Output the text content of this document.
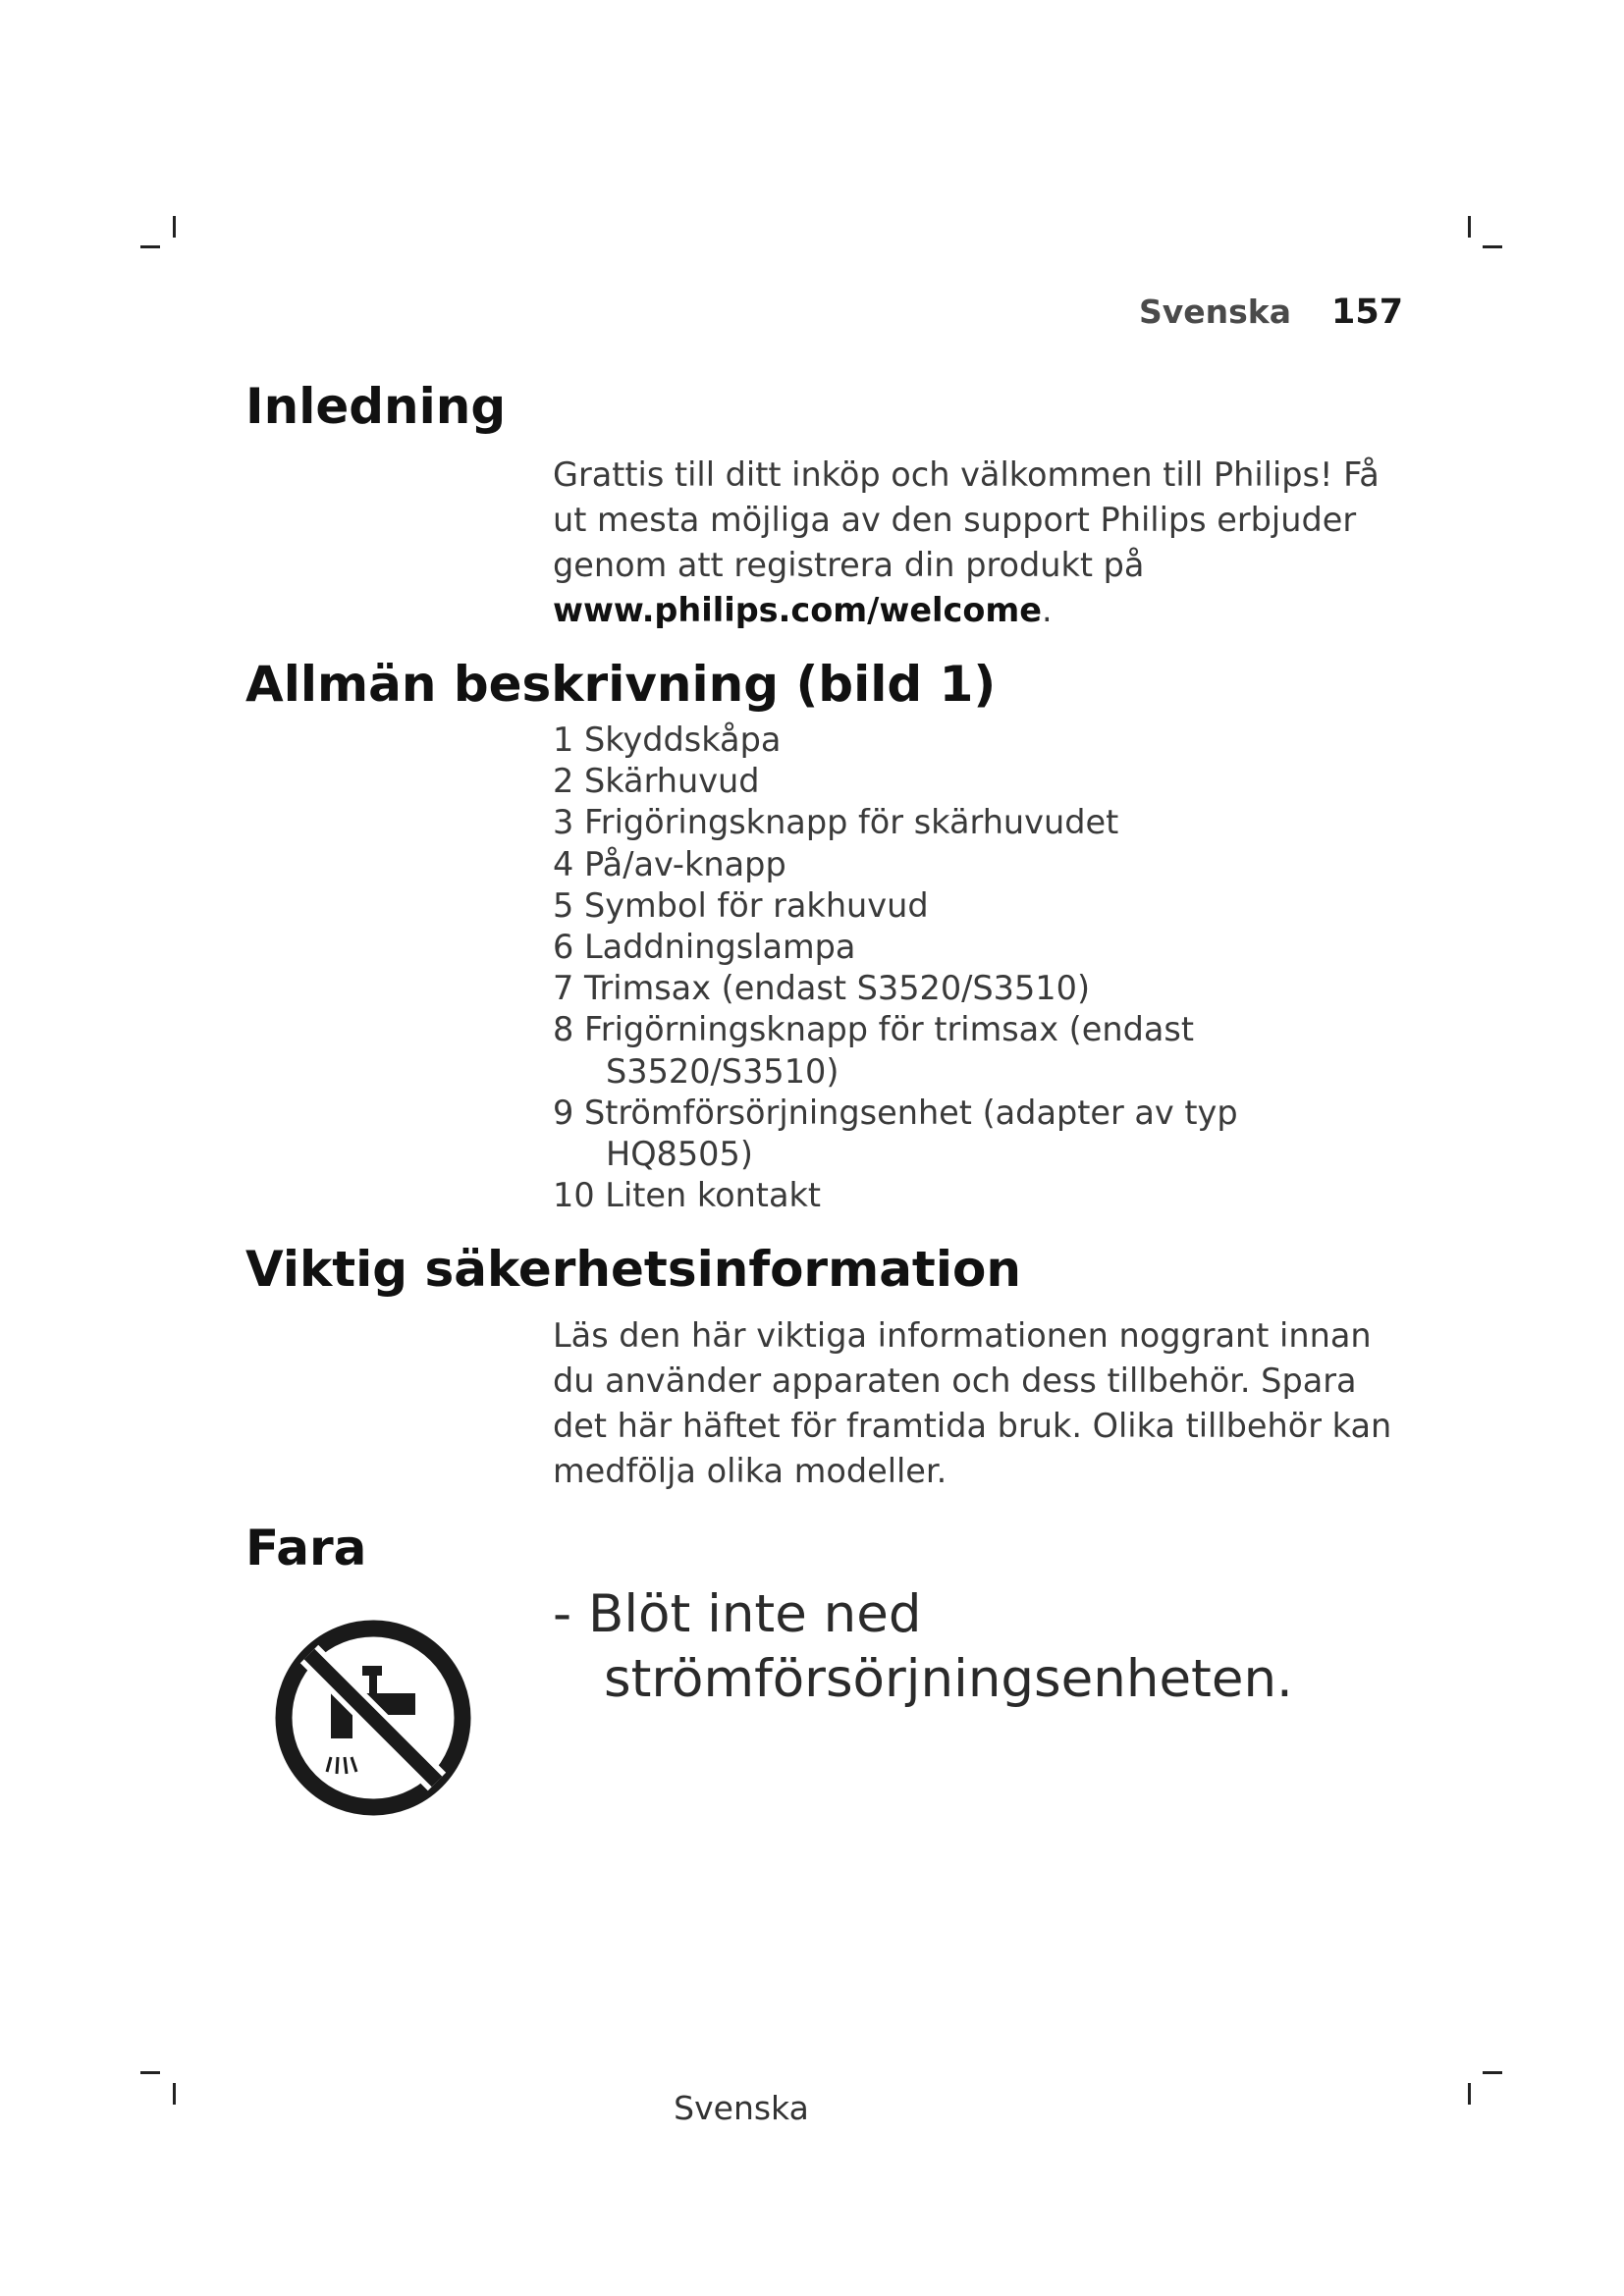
Svenska 157
Inledning

Grattis till ditt inköp och välkommen till Philips! Få ut mesta möjliga av den support Philips erbjuder genom att registrera din produkt på www.philips.com/welcome.

Allmän beskrivning (bild 1)
1 Skyddskåpa
2 Skärhuvud
3 Frigöringsknapp för skärhuvudet
4 På/av-knapp
5 Symbol för rakhuvud
6 Laddningslampa
7 Trimsax (endast S3520/S3510)
8 Frigörningsknapp för trimsax (endast
S3520/S3510)
9 Strömförsörjningsenhet (adapter av typ
HQ8505)
10 Liten kontakt
Viktig säkerhetsinformation

Läs den här viktiga informationen noggrant innan du använder apparaten och dess tillbehör. Spara det här häftet för framtida bruk. Olika tillbehör kan medfölja olika modeller.

Fara

- Blöt inte ned
strömförsörjningsenheten.

Svenska
